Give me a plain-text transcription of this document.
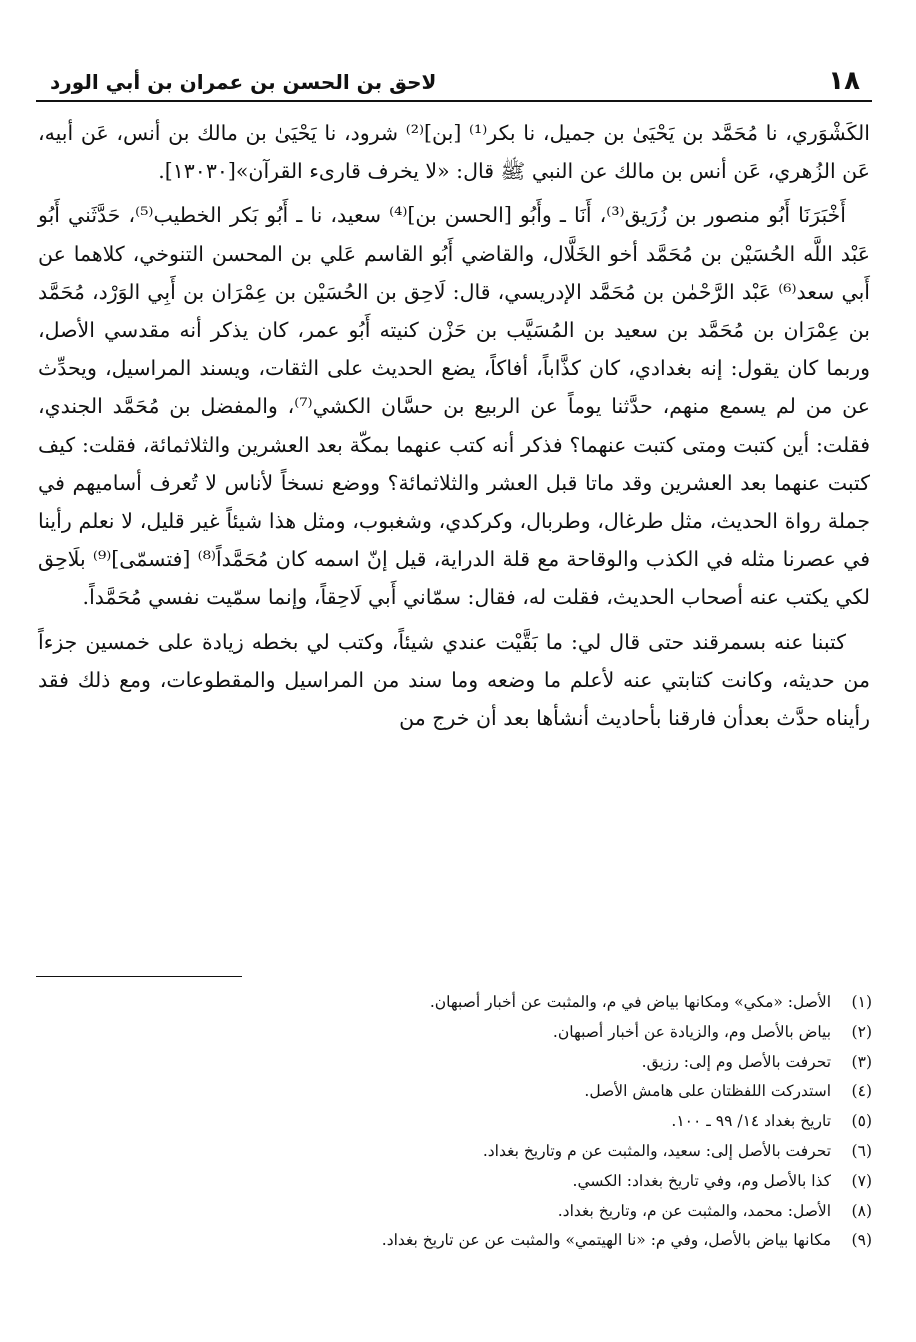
١٨
لاحق بن الحسن بن عمران بن أبي الورد

الكَشْوَري، نا مُحَمَّد بن يَحْيَىٰ بن جميل، نا بكر⁽¹⁾ [بن]⁽²⁾ شرود، نا يَحْيَىٰ بن مالك بن أنس، عَن أبيه، عَن الزُهري، عَن أنس بن مالك عن النبي ﷺ قال: «لا يخرف قارىء القرآن»[١٣٠٣٠].

أَخْبَرَنَا أَبُو منصور بن زُرَيق⁽³⁾، أَنَا ـ وأَبُو [الحسن بن]⁽⁴⁾ سعيد، نا ـ أَبُو بَكر الخطيب⁽⁵⁾، حَدَّثَني أَبُو عَبْد اللَّه الحُسَيْن بن مُحَمَّد أخو الخَلَّال، والقاضي أَبُو القاسم عَلي بن المحسن التنوخي، كلاهما عن أَبي سعد⁽⁶⁾ عَبْد الرَّحْمٰن بن مُحَمَّد الإدريسي، قال: لَاحِق بن الحُسَيْن بن عِمْرَان بن أَبِي الوَرْد، مُحَمَّد بن عِمْرَان بن مُحَمَّد بن سعيد بن المُسَيَّب بن حَزْن كنيته أَبُو عمر، كان يذكر أنه مقدسي الأصل، وربما كان يقول: إنه بغدادي، كان كذَّاباً، أفاكاً، يضع الحديث على الثقات، ويسند المراسيل، ويحدِّث عن من لم يسمع منهم، حدَّثنا يوماً عن الربيع بن حسَّان الكشي⁽⁷⁾، والمفضل بن مُحَمَّد الجندي، فقلت: أين كتبت ومتى كتبت عنهما؟ فذكر أنه كتب عنهما بمكّة بعد العشرين والثلاثمائة، فقلت: كيف كتبت عنهما بعد العشرين وقد ماتا قبل العشر والثلاثمائة؟ ووضع نسخاً لأناس لا تُعرف أساميهم في جملة رواة الحديث، مثل طرغال، وطربال، وكركدي، وشغبوب، ومثل هذا شيئاً غير قليل، لا نعلم رأينا في عصرنا مثله في الكذب والوقاحة مع قلة الدراية، قيل إنّ اسمه كان مُحَمَّداً⁽⁸⁾ [فتسمّى]⁽⁹⁾ بلَاحِق لكي يكتب عنه أصحاب الحديث، فقلت له، فقال: سمّاني أَبي لَاحِقاً، وإنما سمّيت نفسي مُحَمَّداً.

كتبنا عنه بسمرقند حتى قال لي: ما بَقَّيْت عندي شيئاً، وكتب لي بخطه زيادة على خمسين جزءاً من حديثه، وكانت كتابتي عنه لأعلم ما وضعه وما سند من المراسيل والمقطوعات، ومع ذلك فقد رأيناه حدَّث بعدأن فارقنا بأحاديث أنشأها بعد أن خرج من

(١) الأصل: «مكي» ومكانها بياض في م، والمثبت عن أخبار أصبهان.
(٢) بياض بالأصل وم، والزيادة عن أخبار أصبهان.
(٣) تحرفت بالأصل وم إلى: رزيق.
(٤) استدركت اللفظتان على هامش الأصل.
(٥) تاريخ بغداد ١٤/ ٩٩ ـ ١٠٠.
(٦) تحرفت بالأصل إلى: سعيد، والمثبت عن م وتاريخ بغداد.
(٧) كذا بالأصل وم، وفي تاريخ بغداد: الكسي.
(٨) الأصل: محمد، والمثبت عن م، وتاريخ بغداد.
(٩) مكانها بياض بالأصل، وفي م: «نا الهيتمي» والمثبت عن عن تاريخ بغداد.
